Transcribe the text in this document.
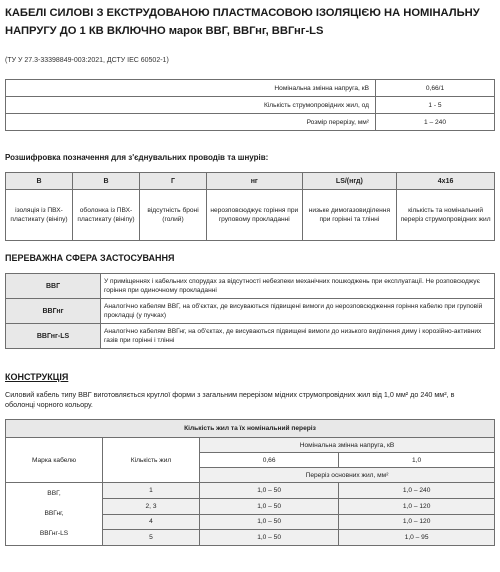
КАБЕЛІ СИЛОВІ З ЕКСТРУДОВАНОЮ ПЛАСТМАСОВОЮ ІЗОЛЯЦІЄЮ НА НОМІНАЛЬНУ НАПРУГУ ДО 1 КВ ВКЛЮЧНО марок ВВГ, ВВГнг, ВВГнг-LS
(ТУ У 27.3-33398849-003:2021, ДСТУ IEC 60502-1)
Номінальна змінна напруга, кВ	0,66/1
Кількість струмопровідних жил, од	1 - 5
Розмір перерізу, мм²	1 – 240
Розшифровка позначення для з'єднувальних проводів та шнурів:
В	В	Г	нг	LS/(нгд)	4х16
ізоляція із ПВХ-пластикату (вініпу)	оболонка із ПВХ-пластикату (вініпу)	відсутність броні (голий)	нерозповсюджує горіння при груповому прокладанні	низьке димогазовиділення при горінні та тлінні	кількість та номінальний переріз струмопровідних жил
ПЕРЕВАЖНА СФЕРА ЗАСТОСУВАННЯ
ВВГ	У приміщеннях і кабельних спорудах за відсутності небезпеки механічних пошкоджень при експлуатації. Не розповсюджує горіння при одиночному прокладанні
ВВГнг	Аналогічно кабелям ВВГ, на об'єктах, де висуваються підвищені вимоги до нерозповсюдження горіння кабелю при груповій прокладці (у пучках)
ВВГнг-LS	Аналогічно кабелям ВВГнг, на об'єктах, де висуваються підвищені вимоги до низького виділення диму і корозійно-активних газів при горінні і тлінні
КОНСТРУКЦІЯ
Силовий кабель типу ВВГ виготовляється круглої форми з загальним перерізом мідних струмопровідних жил від 1,0 мм² до 240 мм², в оболонці чорного кольору.
Кількість жил та їх номінальний переріз			
Марка кабелю	Кількість жил	Номінальна змінна напруга, кВ	
		0,66	1,0
		Переріз основних жил, мм²	

ВВГ,
ВВГнг,
ВВГнг-LS	1	1,0 – 50	1,0 – 240
	2, 3	1,0 – 50	1,0 – 120
	4	1,0 – 50	1,0 – 120
	5	1,0 – 50	1,0 – 95
